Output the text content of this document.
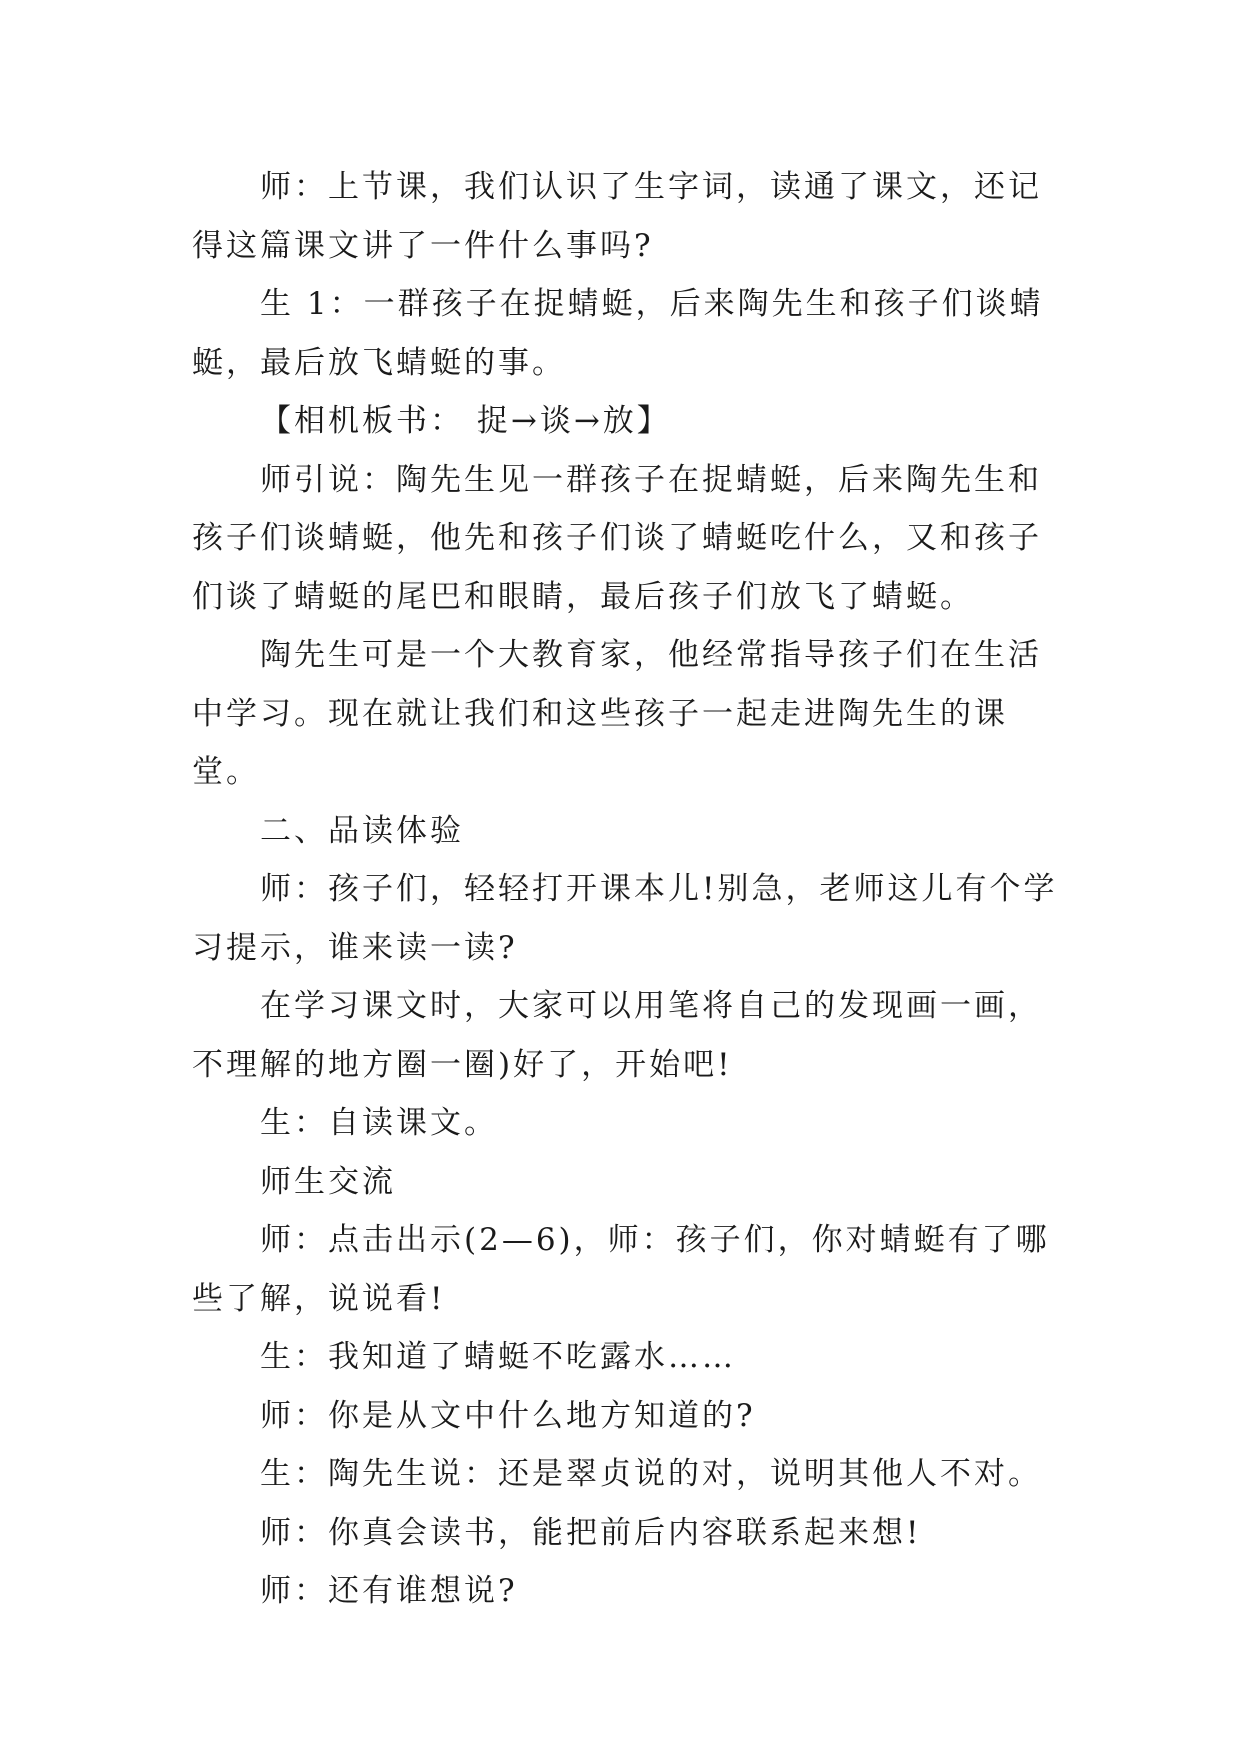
师：上节课，我们认识了生字词，读通了课文，还记得这篇课文讲了一件什么事吗?

生 1：一群孩子在捉蜻蜓，后来陶先生和孩子们谈蜻蜓，最后放飞蜻蜓的事。

【相机板书： 捉→谈→放】

师引说：陶先生见一群孩子在捉蜻蜓，后来陶先生和孩子们谈蜻蜓，他先和孩子们谈了蜻蜓吃什么，又和孩子们谈了蜻蜓的尾巴和眼睛，最后孩子们放飞了蜻蜓。

陶先生可是一个大教育家，他经常指导孩子们在生活中学习。现在就让我们和这些孩子一起走进陶先生的课堂。

二、品读体验

师：孩子们，轻轻打开课本儿!别急，老师这儿有个学习提示，谁来读一读?

在学习课文时，大家可以用笔将自己的发现画一画，不理解的地方圈一圈)好了，开始吧!

生：自读课文。

师生交流

师：点击出示(2—6)，师：孩子们，你对蜻蜓有了哪些了解，说说看!

生：我知道了蜻蜓不吃露水……

师：你是从文中什么地方知道的?

生：陶先生说：还是翠贞说的对，说明其他人不对。

师：你真会读书，能把前后内容联系起来想!

师：还有谁想说?
